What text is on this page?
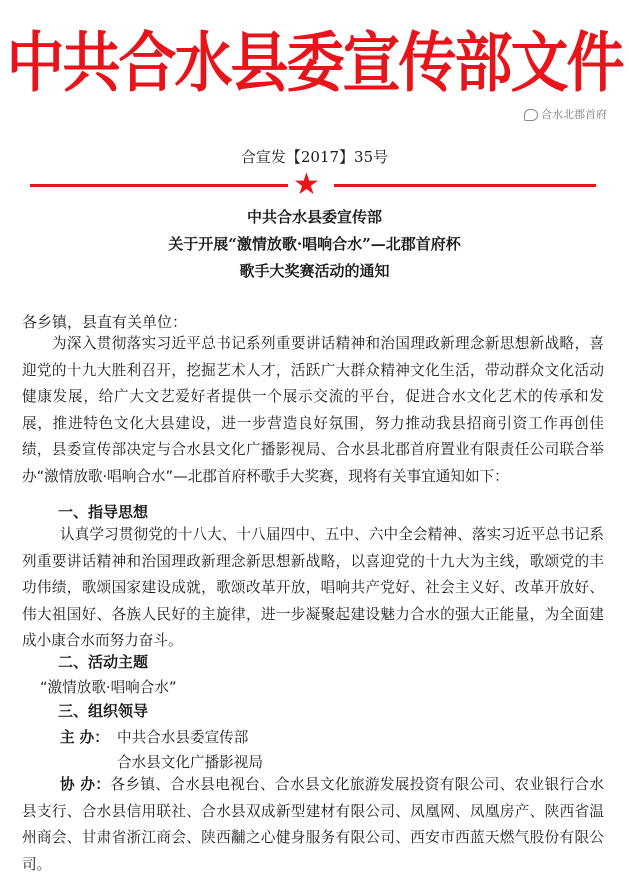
中共合水县委宣传部文件
合水北郡首府
合宣发【2017】35号
★
中共合水县委宣传部
关于开展“激情放歌·唱响合水”—北郡首府杯
歌手大奖赛活动的通知
各乡镇，县直有关单位：
为深入贯彻落实习近平总书记系列重要讲话精神和治国理政新理念新思想新战略，喜迎党的十九大胜利召开，挖掘艺术人才，活跃广大群众精神文化生活，带动群众文化活动健康发展，给广大文艺爱好者提供一个展示交流的平台，促进合水文化艺术的传承和发展，推进特色文化大县建设，进一步营造良好氛围，努力推动我县招商引资工作再创佳绩，县委宣传部决定与合水县文化广播影视局、合水县北郡首府置业有限责任公司联合举办“激情放歌·唱响合水”—北郡首府杯歌手大奖赛，现将有关事宜通知如下：
一、指导思想
认真学习贯彻党的十八大、十八届四中、五中、六中全会精神、落实习近平总书记系列重要讲话精神和治国理政新理念新思想新战略，以喜迎党的十九大为主线，歌颂党的丰功伟绩，歌颂国家建设成就，歌颂改革开放，唱响共产党好、社会主义好、改革开放好、伟大祖国好、各族人民好的主旋律，进一步凝聚起建设魅力合水的强大正能量，为全面建成小康合水而努力奋斗。
二、活动主题
“激情放歌·唱响合水”
三、组织领导
主 办： 中共合水县委宣传部
合水县文化广播影视局
协 办：各乡镇、合水县电视台、合水县文化旅游发展投资有限公司、农业银行合水县支行、合水县信用联社、合水县双成新型建材有限公司、凤凰网、凤凰房产、陕西省温州商会、甘肃省浙江商会、陕西黼之心健身服务有限公司、西安市西蓝天燃气股份有限公司。
